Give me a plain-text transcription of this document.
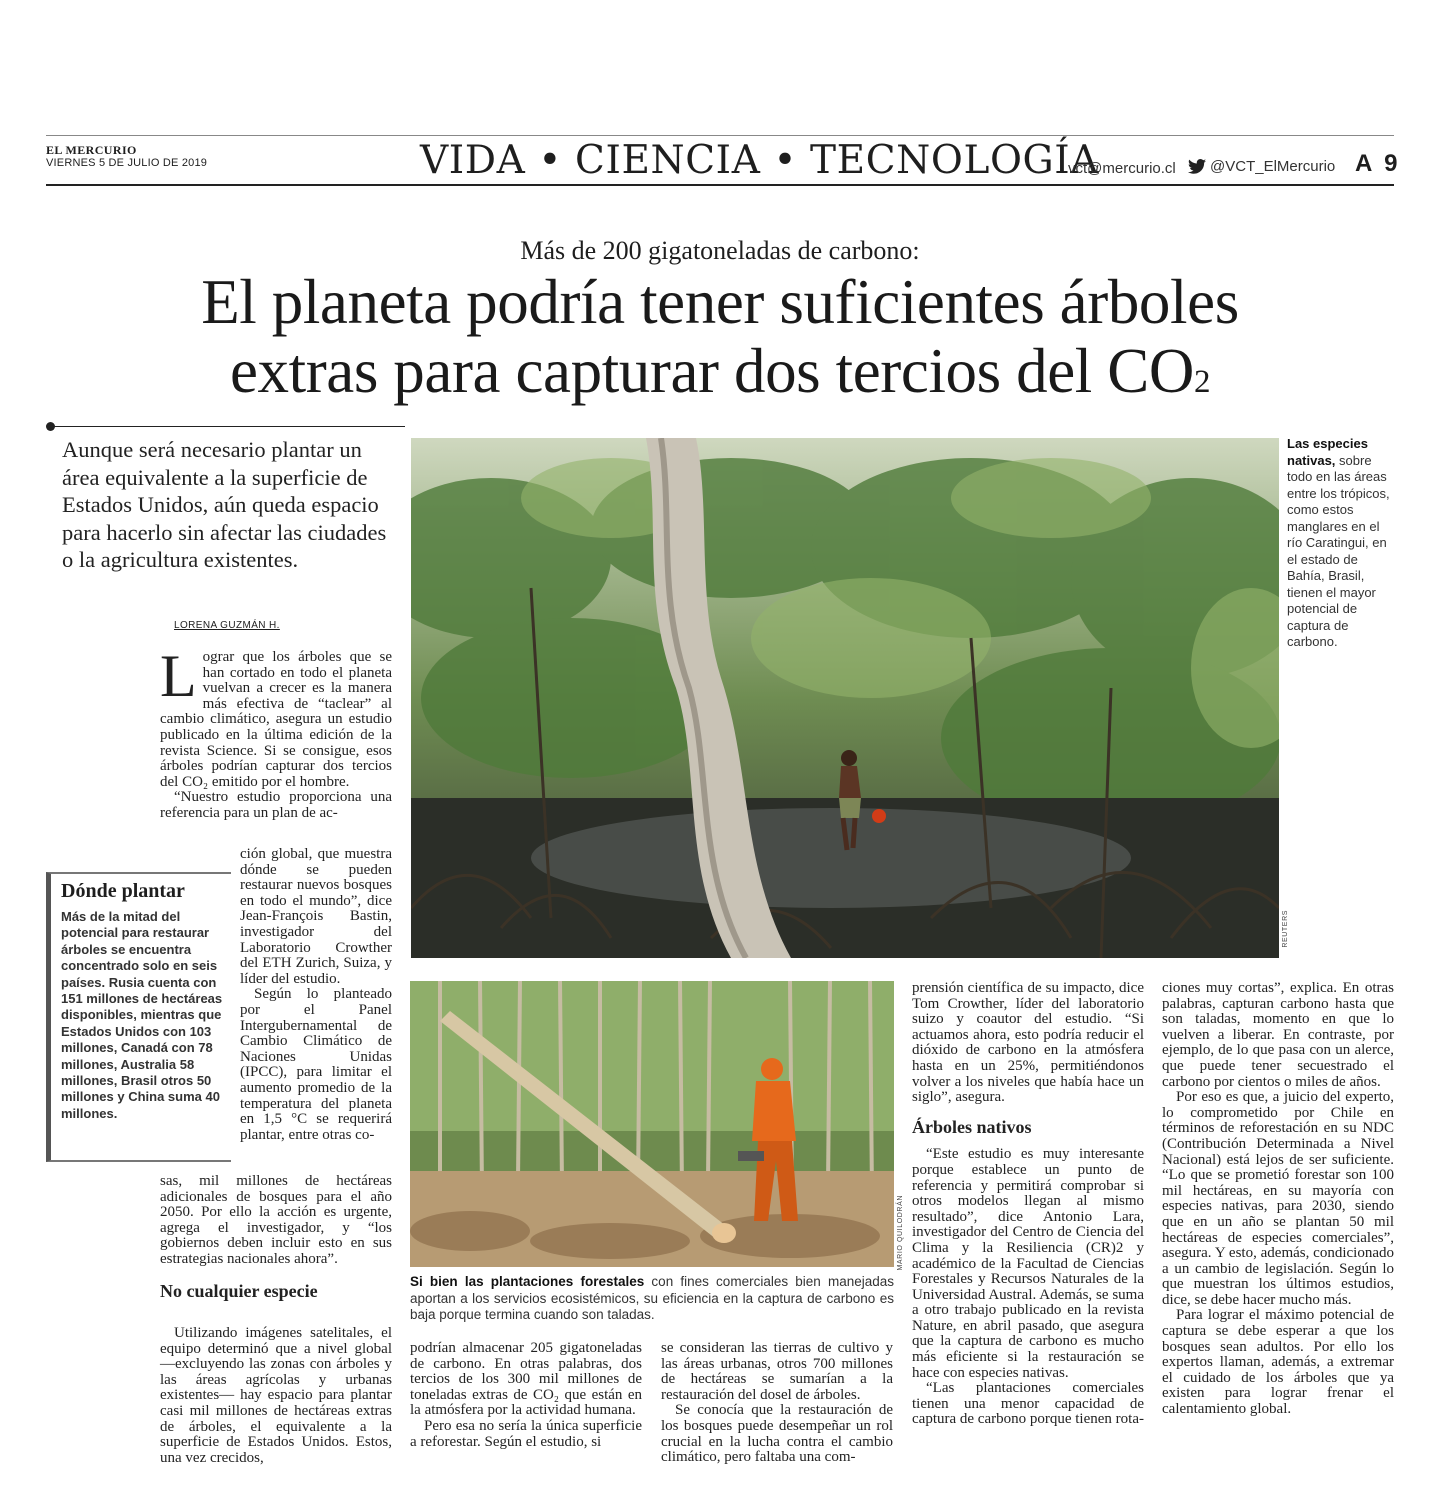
EL MERCURIO
VIERNES 5 DE JULIO DE 2019	VIDA • CIENCIA • TECNOLOGÍA
vct@mercurio.cl @VCT_ElMercurio A 9
Más de 200 gigatoneladas de carbono:
El planeta podría tener suficientes árboles
extras para capturar dos tercios del CO2
Aunque será necesario plantar un área equivalente a la superficie de Estados Unidos, aún queda espacio para hacerlo sin afectar las ciudades o la agricultura existentes.
LORENA GUZMÁN H.

Lograr que los árboles que se han cortado en todo el planeta vuelvan a crecer es la manera más efectiva de “taclear” al cambio climático, asegura un estudio publicado en la última edición de la revista Science. Si se consigue, esos árboles podrían capturar dos tercios del CO₂ emitido por el hombre.

“Nuestro estudio proporciona una referencia para un plan de ac-

ción global, que muestra dónde se pueden restaurar nuevos bosques en todo el mundo”, dice Jean-François Bastin, investigador del Laboratorio Crowther del ETH Zurich, Suiza, y líder del estudio.

Según lo planteado por el Panel Intergubernamental de Cambio Climático de Naciones Unidas (IPCC), para limitar el aumento promedio de la temperatura del planeta en 1,5 °C se requerirá plantar, entre otras co-

sas, mil millones de hectáreas adicionales de bosques para el año 2050. Por ello la acción es urgente, agrega el investigador, y “los gobiernos deben incluir esto en sus estrategias nacionales ahora”.

No cualquier especie

Utilizando imágenes satelitales, el equipo determinó que a nivel global —excluyendo las zonas con árboles y las áreas agrícolas y urbanas existentes— hay espacio para plantar casi mil millones de hectáreas extras de árboles, el equivalente a la superficie de Estados Unidos. Estos, una vez crecidos,

Dónde plantar
Más de la mitad del potencial para restaurar árboles se encuentra concentrado solo en seis países. Rusia cuenta con 151 millones de hectáreas disponibles, mientras que Estados Unidos con 103 millones, Canadá con 78 millones, Australia 58 millones, Brasil otros 50 millones y China suma 40 millones.
REUTERS
Las especies nativas, sobre todo en las áreas entre los trópicos, como estos manglares en el río Caratingui, en el estado de Bahía, Brasil, tienen el mayor potencial de captura de carbono.
MARIO QUILODRÁN
Si bien las plantaciones forestales con fines comerciales bien manejadas aportan a los servicios ecosistémicos, su eficiencia en la captura de carbono es baja porque termina cuando son taladas.

podrían almacenar 205 gigatoneladas de carbono. En otras palabras, dos tercios de los 300 mil millones de toneladas extras de CO₂ que están en la atmósfera por la actividad humana.

Pero esa no sería la única superficie a reforestar. Según el estudio, si

se consideran las tierras de cultivo y las áreas urbanas, otros 700 millones de hectáreas se sumarían a la restauración del dosel de árboles.

Se conocía que la restauración de los bosques puede desempeñar un rol crucial en la lucha contra el cambio climático, pero faltaba una com-

prensión científica de su impacto, dice Tom Crowther, líder del laboratorio suizo y coautor del estudio. “Si actuamos ahora, esto podría reducir el dióxido de carbono en la atmósfera hasta en un 25%, permitiéndonos volver a los niveles que había hace un siglo”, asegura.

Árboles nativos

“Este estudio es muy interesante porque establece un punto de referencia y permitirá comprobar si otros modelos llegan al mismo resultado”, dice Antonio Lara, investigador del Centro de Ciencia del Clima y la Resiliencia (CR)2 y académico de la Facultad de Ciencias Forestales y Recursos Naturales de la Universidad Austral. Además, se suma a otro trabajo publicado en la revista Nature, en abril pasado, que asegura que la captura de carbono es mucho más eficiente si la restauración se hace con especies nativas.

“Las plantaciones comerciales tienen una menor capacidad de captura de carbono porque tienen rota-

ciones muy cortas”, explica. En otras palabras, capturan carbono hasta que son taladas, momento en que lo vuelven a liberar. En contraste, por ejemplo, de lo que pasa con un alerce, que puede tener secuestrado el carbono por cientos o miles de años.

Por eso es que, a juicio del experto, lo comprometido por Chile en términos de reforestación en su NDC (Contribución Determinada a Nivel Nacional) está lejos de ser suficiente. “Lo que se prometió forestar son 100 mil hectáreas, en su mayoría con especies nativas, para 2030, siendo que en un año se plantan 50 mil hectáreas de especies comerciales”, asegura. Y esto, además, condicionado a un cambio de legislación. Según lo que muestran los últimos estudios, dice, se debe hacer mucho más.

Para lograr el máximo potencial de captura se debe esperar a que los bosques sean adultos. Por ello los expertos llaman, además, a extremar el cuidado de los árboles que ya existen para lograr frenar el calentamiento global.
